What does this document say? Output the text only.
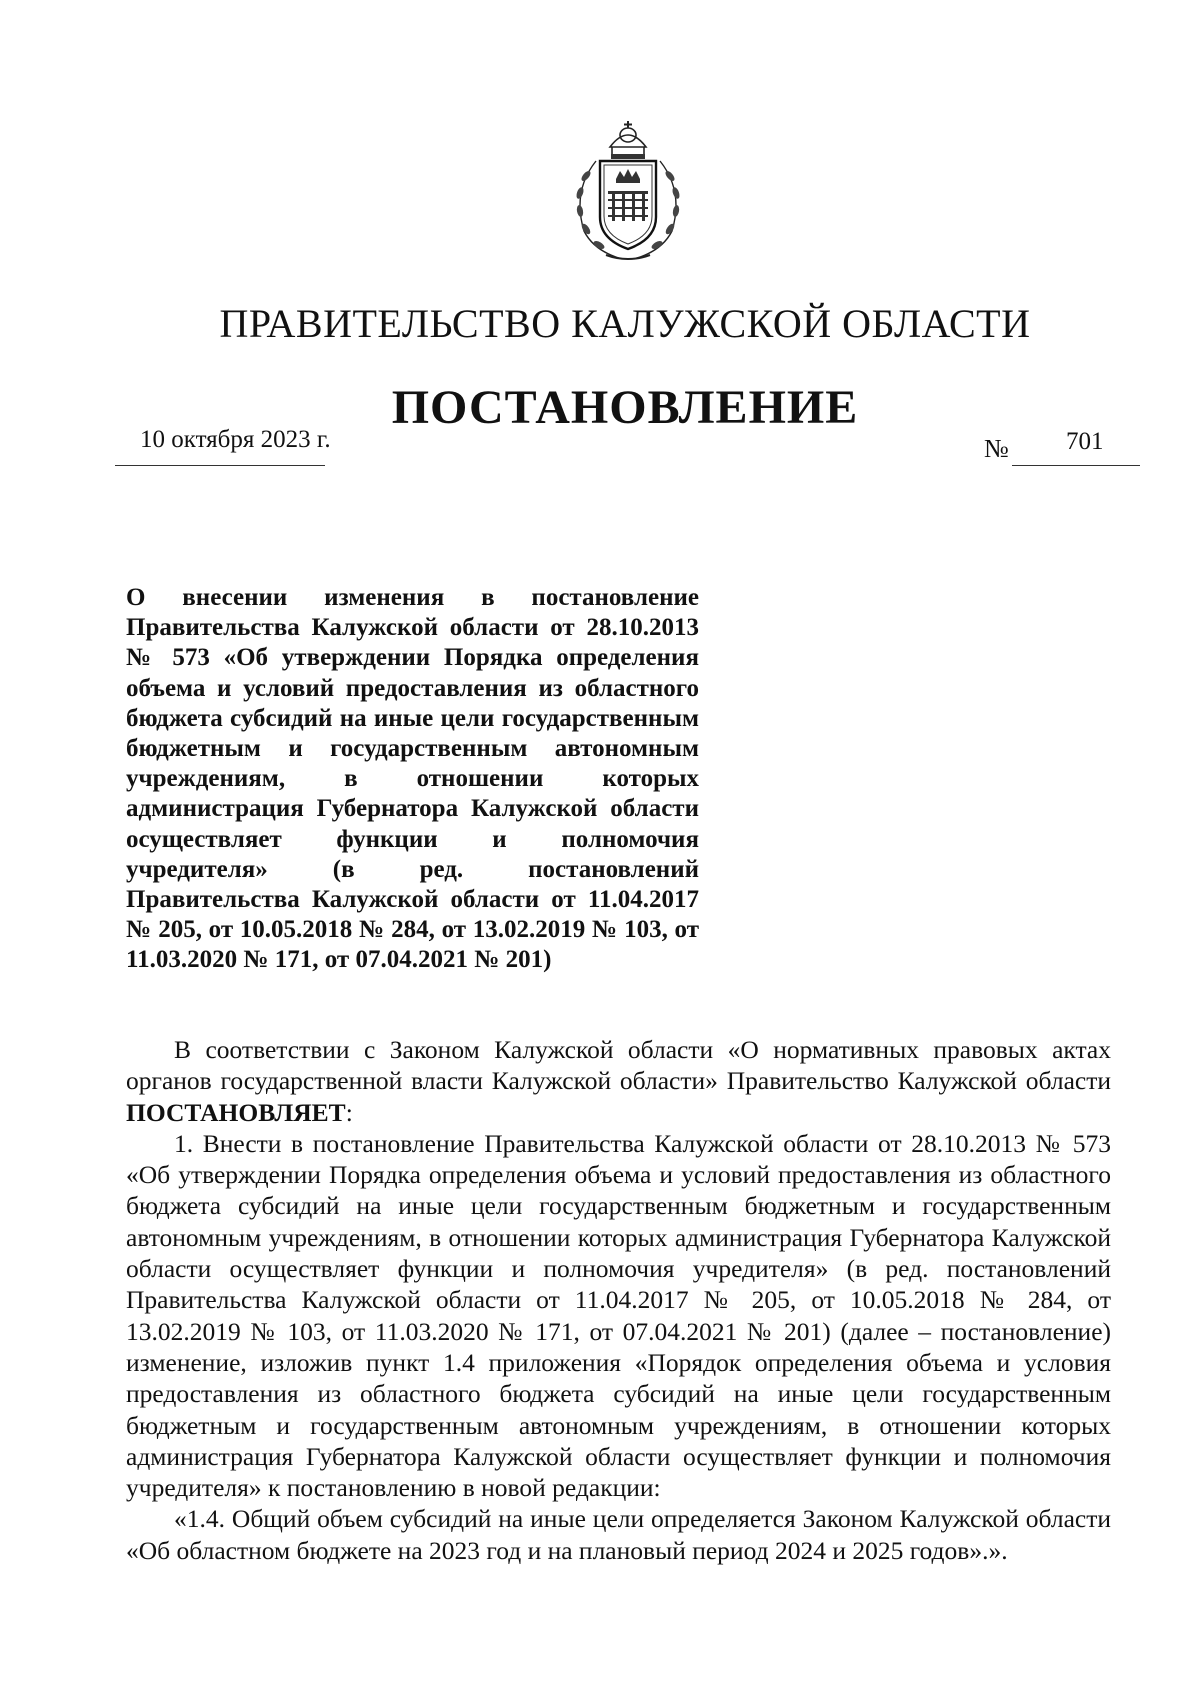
ПРАВИТЕЛЬСТВО КАЛУЖСКОЙ ОБЛАСТИ
ПОСТАНОВЛЕНИЕ
10 октября 2023 г.	№ 701

О внесении изменения в постановление Правительства Калужской области от 28.10.2013 № 573 «Об утверждении Порядка определения объема и условий предоставления из областного бюджета субсидий на иные цели государственным бюджетным и государственным автономным учреждениям, в отношении которых администрация Губернатора Калужской области осуществляет функции и полномочия учредителя» (в ред. постановлений Правительства Калужской области от 11.04.2017 № 205, от 10.05.2018 № 284, от 13.02.2019 № 103, от 11.03.2020 № 171, от 07.04.2021 № 201)

В соответствии с Законом Калужской области «О нормативных правовых актах органов государственной власти Калужской области» Правительство Калужской области ПОСТАНОВЛЯЕТ:

1. Внести в постановление Правительства Калужской области от 28.10.2013 № 573 «Об утверждении Порядка определения объема и условий предоставления из областного бюджета субсидий на иные цели государственным бюджетным и государственным автономным учреждениям, в отношении которых администрация Губернатора Калужской области осуществляет функции и полномочия учредителя» (в ред. постановлений Правительства Калужской области от 11.04.2017 № 205, от 10.05.2018 № 284, от 13.02.2019 № 103, от 11.03.2020 № 171, от 07.04.2021 № 201) (далее – постановление) изменение, изложив пункт 1.4 приложения «Порядок определения объема и условия предоставления из областного бюджета субсидий на иные цели государственным бюджетным и государственным автономным учреждениям, в отношении которых администрация Губернатора Калужской области осуществляет функции и полномочия учредителя» к постановлению в новой редакции:

«1.4. Общий объем субсидий на иные цели определяется Законом Калужской области «Об областном бюджете на 2023 год и на плановый период 2024 и 2025 годов».».
